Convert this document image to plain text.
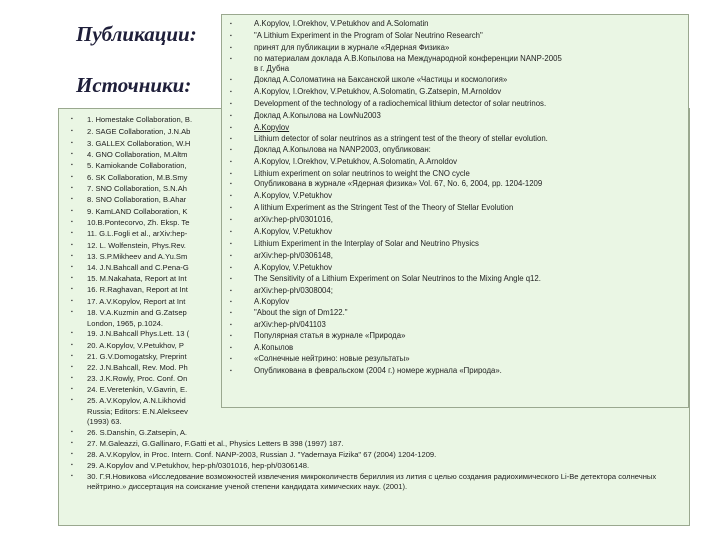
Публикации:
Источники:
▪ 1. Homestake Collaboration, B.
▪ 2. SAGE Collaboration, J.N.Ab
▪ 3. GALLEX Collaboration, W.H
▪ 4. GNO Collaboration, M.Altm
▪ 5. Kamiokande Collaboration,
▪ 6. SK Collaboration, M.B.Smy
▪ 7. SNO Collaboration, S.N.Ah
▪ 8. SNO Collaboration, B.Ahar
▪ 9. KamLAND Collaboration, K
▪ 10.B.Pontecorvo, Zh. Eksp. Te
▪ 11. G.L.Fogli et al., arXiv:hep-
▪ 12. L. Wolfenstein, Phys.Rev.
▪ 13. S.P.Mikheev and A.Yu.Sm
▪ 14. J.N.Bahcall and C.Pena-G
▪ 15. M.Nakahata, Report at Int
▪ 16. R.Raghavan, Report at Int
▪ 17. A.V.Kopylov, Report at Int
▪ 18. V.A.Kuzmin and G.Zatsep
London, 1965, p.1024.
▪ 19. J.N.Bahcall Phys.Lett. 13 (
▪ 20. A.Kopylov, V.Petukhov, P
▪ 21. G.V.Domogatsky, Preprint
▪ 22. J.N.Bahcall, Rev. Mod. Ph
▪ 23. J.K.Rowly, Proc. Conf. On
▪ 24. E.Veretenkin, V.Gavrin, E.
▪ 25. A.V.Kopylov, A.N.Likhovid
Russia; Editors: E.N.Alekseev
(1993) 63.
▪ 26. S.Danshin, G.Zatsepin, A.
▪ 27. M.Galeazzi, G.Gallinaro, F.Gatti et al., Physics Letters B 398 (1997) 187.
▪ 28. A.V.Kopylov, in Proc. Intern. Conf. NANP-2003, Russian J. "Yadernaya Fizika" 67 (2004) 1204-1209.
▪ 29. A.Kopylov and V.Petukhov, hep-ph/0301016, hep-ph/0306148.
▪ 30. Г.Я.Новикова «Исследование возможностей извлечения микроколичеств бериллия из лития с целью создания радиохимического Li-Be детектора солнечных нейтрино.» диссертация на соискание ученой степени кандидата химических наук. (2001).
▪	A.Kopylov, I.Orekhov, V.Petukhov and A.Solomatin
▪	"A Lithium Experiment in the Program of Solar Neutrino Research"
▪	принят для публикации в журнале «Ядерная Физика»
▪	по материалам доклада А.В.Копылова на Международной конференции NANP-2005
в г. Дубна
▪	Доклад А.Соломатина на Баксанской школе «Частицы и космология»
▪	A.Kopylov, I.Orekhov, V.Petukhov, A.Solomatin, G.Zatsepin, M.Arnoldov
▪	Development of the technology of a radiochemical lithium detector of solar neutrinos.
▪	Доклад А.Копылова на LowNu2003
▪	A.Kopylov
▪	Lithium detector of solar neutrinos as a stringent test of the theory of stellar evolution.
▪	Доклад А.Копылова на NANP2003, опубликован:
▪	A.Kopylov, I.Orekhov, V.Petukhov, A.Solomatin, A.Arnoldov
▪	Lithium experiment on solar neutrinos to weight the CNO cycle
▪	Опубликована в журнале «Ядерная физика» Vol. 67, No. 6, 2004, pp. 1204-1209
▪	A.Kopylov, V.Petukhov
▪	A lithium Experiment as the Stringent Test of the Theory of Stellar Evolution
▪	arXiv:hep-ph/0301016,
▪	A.Kopylov, V.Petukhov
▪	Lithium Experiment in the Interplay of Solar and Neutrino Physics
▪	arXiv:hep-ph/0306148,
▪	A.Kopylov, V.Petukhov
▪	The Sensitivity of a Lithium Experiment on Solar Neutrinos to the Mixing Angle q12.
▪	arXiv:hep-ph/0308004;
▪	A.Kopylov
▪	"About the sign of Dm122."
▪	arXiv:hep-ph/041103
▪	Популярная статья в журнале «Природа»
▪	А.Копылов
▪	«Солнечные нейтрино: новые результаты»
▪	Опубликована в февральском (2004 г.) номере журнала «Природа».
